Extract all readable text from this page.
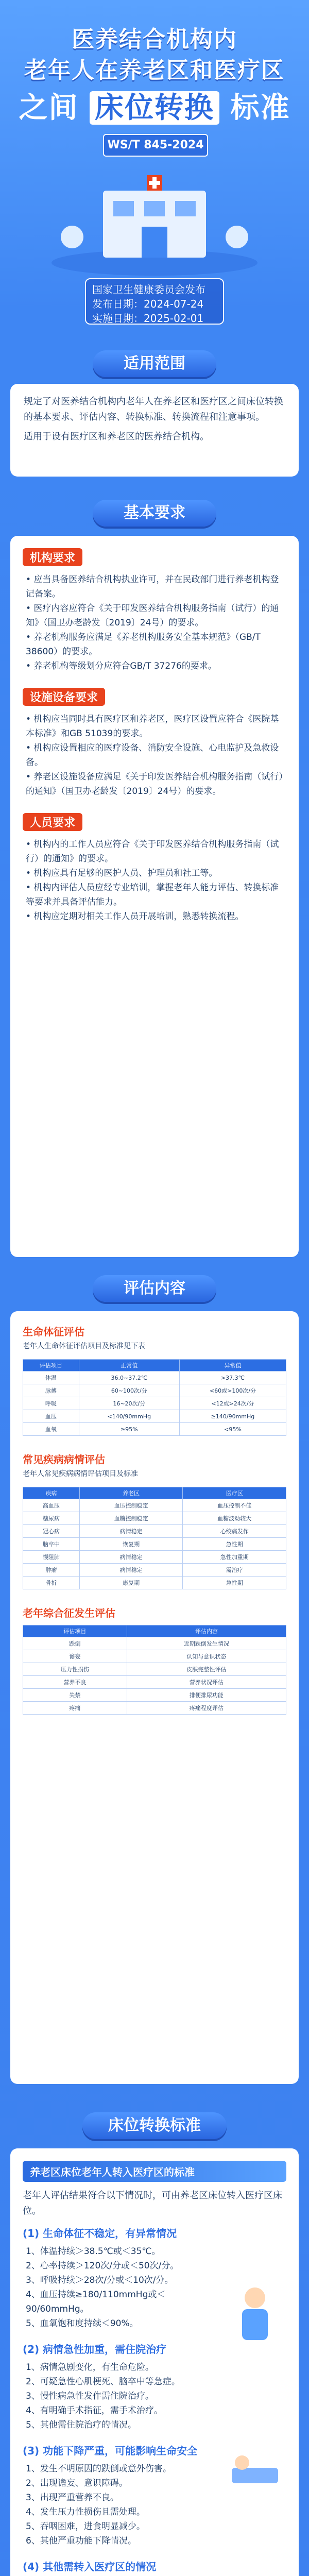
医养结合机构内
老年人在养老区和医疗区
之间 床位转换 标准
WS/T 845-2024
国家卫生健康委员会发布
发布日期：2024-07-24
实施日期：2025-02-01
适用范围
规定了对医养结合机构内老年人在养老区和医疗区之间床位转换的基本要求、评估内容、转换标准、转换流程和注意事项。
适用于设有医疗区和养老区的医养结合机构。
基本要求
机构要求

• 应当具备医养结合机构执业许可，并在民政部门进行养老机构登记备案。

• 医疗内容应符合《关于印发医养结合机构服务指南（试行）的通知》（国卫办老龄发〔2019〕24号）的要求。

• 养老机构服务应满足《养老机构服务安全基本规范》（GB/T 38600）的要求。

• 养老机构等级划分应符合GB/T 37276的要求。

设施设备要求

• 机构应当同时具有医疗区和养老区，医疗区设置应符合《医院基本标准》和GB 51039的要求。

• 机构应设置相应的医疗设备、消防安全设施、心电监护及急救设备。

• 养老区设施设备应满足《关于印发医养结合机构服务指南（试行）的通知》（国卫办老龄发〔2019〕24号）的要求。

人员要求

• 机构内的工作人员应符合《关于印发医养结合机构服务指南（试行）的通知》的要求。

• 机构应具有足够的医护人员、护理员和社工等。

• 机构内评估人员应经专业培训，掌握老年人能力评估、转换标准等要求并具备评估能力。

• 机构应定期对相关工作人员开展培训，熟悉转换流程。

评估内容
生命体征评估
老年人生命体征评估项目及标准见下表
评估项目	正常值	异常值
体温	36.0~37.2℃	>37.3℃
脉搏	60~100次/分	<60或>100次/分
呼吸	16~20次/分	<12或>24次/分
血压	<140/90mmHg	≥140/90mmHg
血氧	≥95%	<95%
常见疾病病情评估
老年人常见疾病病情评估项目及标准
疾病	养老区	医疗区
高血压	血压控制稳定	血压控制不佳
糖尿病	血糖控制稳定	血糖波动较大
冠心病	病情稳定	心绞痛发作
脑卒中	恢复期	急性期
慢阻肺	病情稳定	急性加重期
肿瘤	病情稳定	需治疗
骨折	康复期	急性期
老年综合征发生评估
评估项目	评估内容
跌倒	近期跌倒发生情况
谵妄	认知与意识状态
压力性损伤	皮肤完整性评估
营养不良	营养状况评估
失禁	排便排尿功能
疼痛	疼痛程度评估
床位转换标准
养老区床位老年人转入医疗区的标准
老年人评估结果符合以下情况时，可由养老区床位转入医疗区床位。
(1) 生命体征不稳定，有异常情况

1、体温持续＞38.5℃或＜35℃。

2、心率持续＞120次/分或＜50次/分。

3、呼吸持续＞28次/分或＜10次/分。

4、血压持续≥180/110mmHg或＜90/60mmHg。

5、血氧饱和度持续＜90%。

(2) 病情急性加重，需住院治疗

1、病情急剧变化，有生命危险。

2、可疑急性心肌梗死、脑卒中等急症。

3、慢性病急性发作需住院治疗。

4、有明确手术指征，需手术治疗。

5、其他需住院治疗的情况。

(3) 功能下降严重，可能影响生命安全

1、发生不明原因的跌倒或意外伤害。

2、出现谵妄、意识障碍。

3、出现严重营养不良。

4、发生压力性损伤且需处理。

5、吞咽困难，进食明显减少。

6、其他严重功能下降情况。

(4) 其他需转入医疗区的情况
